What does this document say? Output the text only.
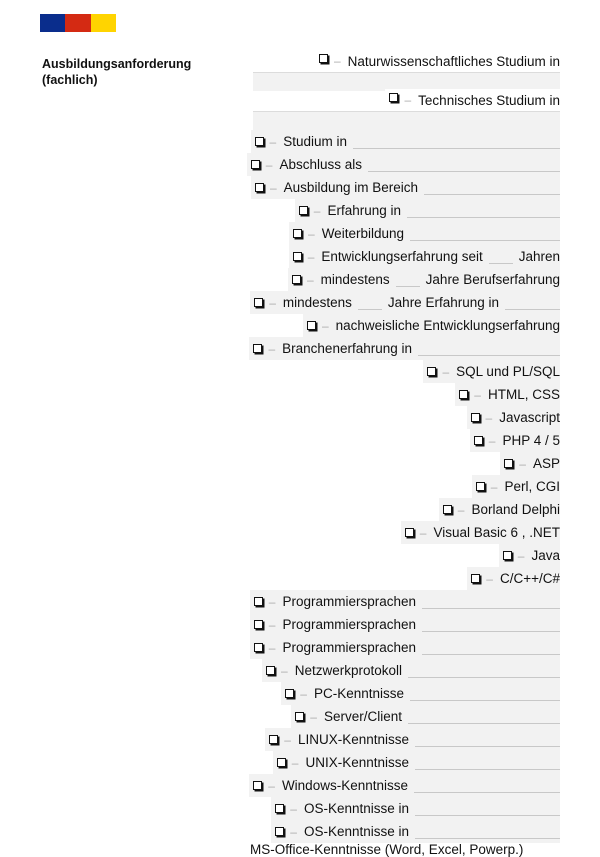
Ausbildungsanforderung (fachlich)
– Naturwissenschaftliches Studium in
– Technisches Studium in
– Studium in
– Abschluss als
– Ausbildung im Bereich
– Erfahrung in
– Weiterbildung
– Entwicklungserfahrung seit	Jahren
– mindestens	Jahre Berufserfahrung
– mindestens	Jahre Erfahrung in
– nachweisliche Entwicklungserfahrung
– Branchenerfahrung in
– SQL und PL/SQL
– HTML, CSS
– Javascript
– PHP 4 / 5
– ASP
– Perl, CGI
– Borland Delphi
– Visual Basic 6 , .NET
– Java
– C/C++/C#
– Programmiersprachen
– Programmiersprachen
– Programmiersprachen
– Netzwerkprotokoll
– PC-Kenntnisse
– Server/Client
– LINUX-Kenntnisse
– UNIX-Kenntnisse
– Windows-Kenntnisse
– OS-Kenntnisse in
– OS-Kenntnisse in
MS-Office-Kenntnisse (Word, Excel, Powerp.)
